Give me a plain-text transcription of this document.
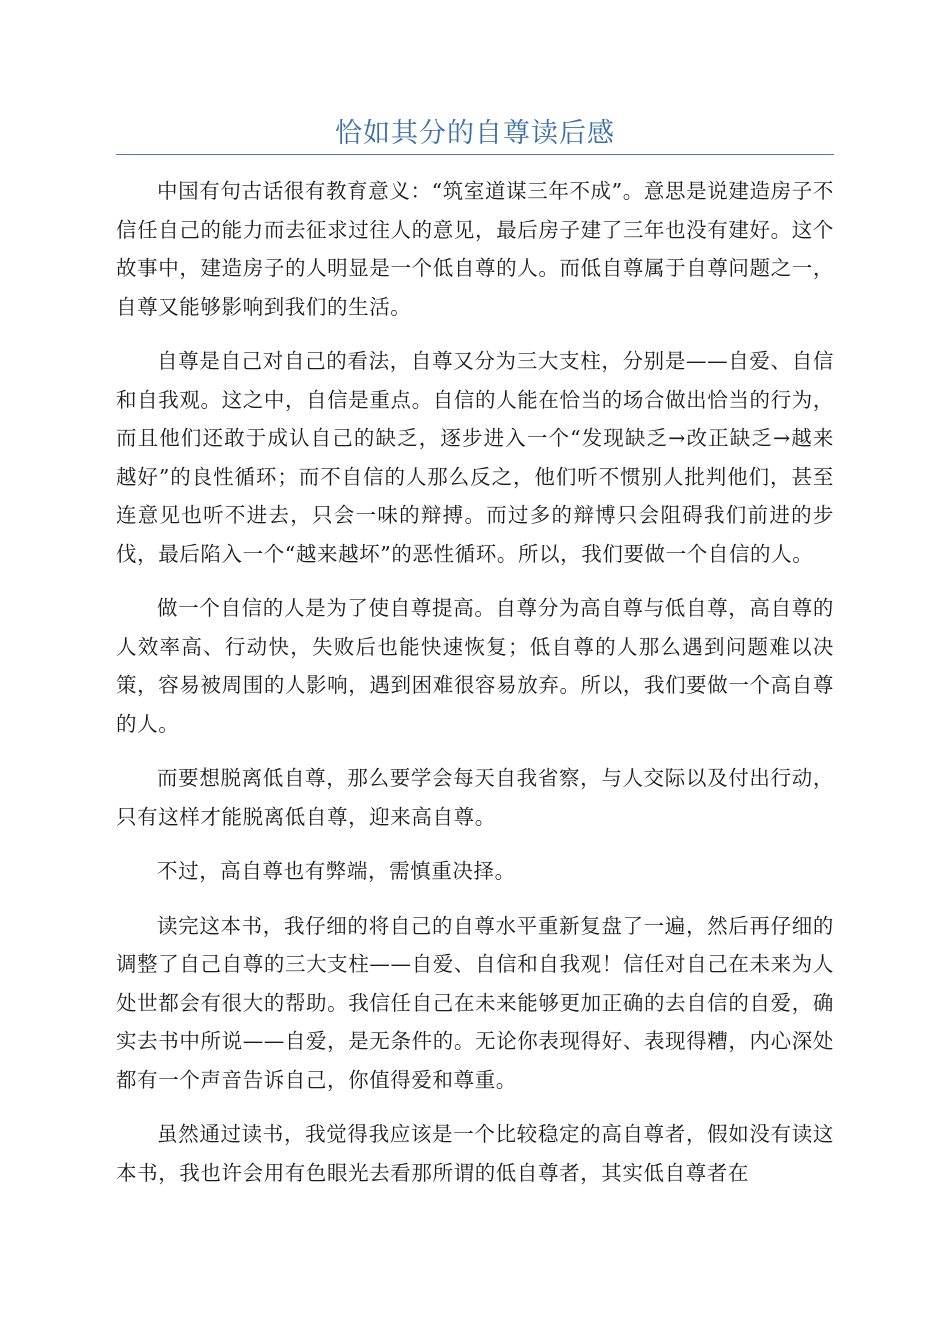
恰如其分的自尊读后感

中国有句古话很有教育意义：“筑室道谋三年不成”。意思是说建造房子不信任自己的能力而去征求过往人的意见，最后房子建了三年也没有建好。这个故事中，建造房子的人明显是一个低自尊的人。而低自尊属于自尊问题之一，自尊又能够影响到我们的生活。

自尊是自己对自己的看法，自尊又分为三大支柱，分别是——自爱、自信和自我观。这之中，自信是重点。自信的人能在恰当的场合做出恰当的行为，而且他们还敢于成认自己的缺乏，逐步进入一个“发现缺乏→改正缺乏→越来越好”的良性循环；而不自信的人那么反之，他们听不惯别人批判他们，甚至连意见也听不进去，只会一味的辩搏。而过多的辩博只会阻碍我们前进的步伐，最后陷入一个“越来越坏”的恶性循环。所以，我们要做一个自信的人。

做一个自信的人是为了使自尊提高。自尊分为高自尊与低自尊，高自尊的人效率高、行动快，失败后也能快速恢复；低自尊的人那么遇到问题难以决策，容易被周围的人影响，遇到困难很容易放弃。所以，我们要做一个高自尊的人。

而要想脱离低自尊，那么要学会每天自我省察，与人交际以及付出行动，只有这样才能脱离低自尊，迎来高自尊。

不过，高自尊也有弊端，需慎重决择。

读完这本书，我仔细的将自己的自尊水平重新复盘了一遍，然后再仔细的调整了自己自尊的三大支柱——自爱、自信和自我观！信任对自己在未来为人处世都会有很大的帮助。我信任自己在未来能够更加正确的去自信的自爱，确实去书中所说——自爱，是无条件的。无论你表现得好、表现得糟，内心深处都有一个声音告诉自己，你值得爱和尊重。

虽然通过读书，我觉得我应该是一个比较稳定的高自尊者，假如没有读这本书，我也许会用有色眼光去看那所谓的低自尊者，其实低自尊者在
